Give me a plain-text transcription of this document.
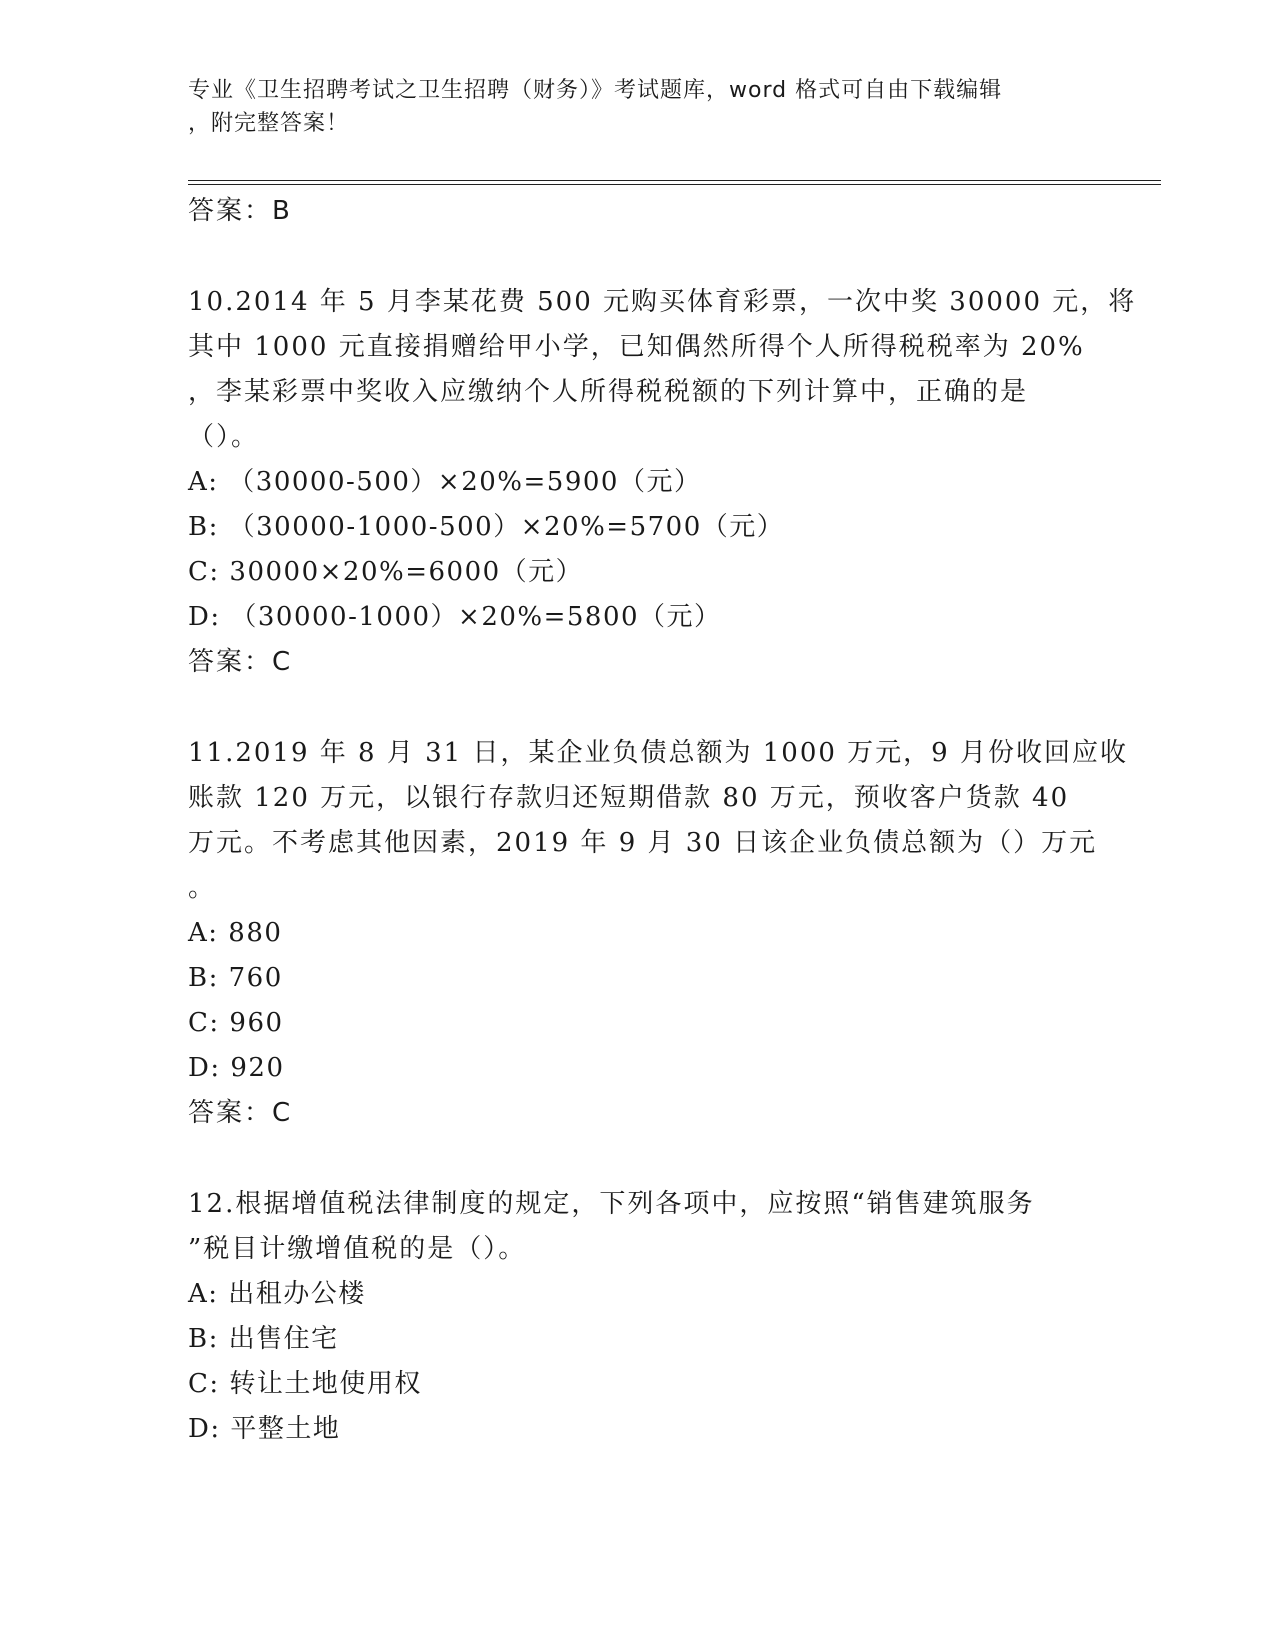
专业《卫生招聘考试之卫生招聘（财务）》考试题库，word 格式可自由下载编辑
，附完整答案！
答案：B
10.2014 年 5 月李某花费 500 元购买体育彩票，一次中奖 30000 元，将
其中 1000 元直接捐赠给甲小学，已知偶然所得个人所得税税率为 20%
，李某彩票中奖收入应缴纳个人所得税税额的下列计算中，正确的是
（）。
A: （30000-500）×20%=5900（元）
B: （30000-1000-500）×20%=5700（元）
C: 30000×20%=6000（元）
D: （30000-1000）×20%=5800（元）
答案：C
11.2019 年 8 月 31 日，某企业负债总额为 1000 万元，9 月份收回应收
账款 120 万元，以银行存款归还短期借款 80 万元，预收客户货款 40
万元。不考虑其他因素，2019 年 9 月 30 日该企业负债总额为（）万元
。
A: 880
B: 760
C: 960
D: 920
答案：C
12.根据增值税法律制度的规定，下列各项中，应按照“销售建筑服务
”税目计缴增值税的是（）。
A: 出租办公楼
B: 出售住宅
C: 转让土地使用权
D: 平整土地
